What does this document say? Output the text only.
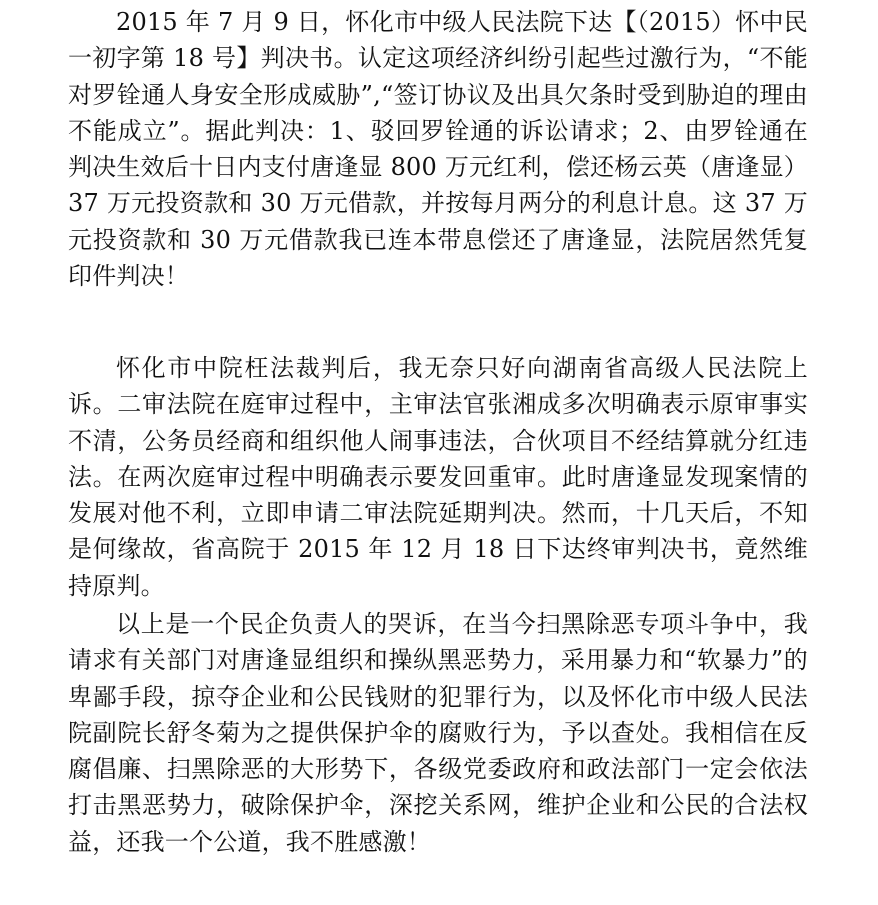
2015 年 7 月 9 日，怀化市中级人民法院下达【（2015）怀中民一初字第 18 号】判决书。认定这项经济纠纷引起些过激行为，“不能对罗铨通人身安全形成威胁”,“签订协议及出具欠条时受到胁迫的理由不能成立”。据此判决：1、驳回罗铨通的诉讼请求；2、由罗铨通在判决生效后十日内支付唐逢显 800 万元红利，偿还杨云英（唐逢显）37 万元投资款和 30 万元借款，并按每月两分的利息计息。这 37 万元投资款和 30 万元借款我已连本带息偿还了唐逢显，法院居然凭复印件判决！

怀化市中院枉法裁判后，我无奈只好向湖南省高级人民法院上诉。二审法院在庭审过程中，主审法官张湘成多次明确表示原审事实不清，公务员经商和组织他人闹事违法，合伙项目不经结算就分红违法。在两次庭审过程中明确表示要发回重审。此时唐逢显发现案情的发展对他不利，立即申请二审法院延期判决。然而，十几天后，不知是何缘故，省高院于 2015 年 12 月 18 日下达终审判决书，竟然维持原判。

以上是一个民企负责人的哭诉，在当今扫黑除恶专项斗争中，我请求有关部门对唐逢显组织和操纵黑恶势力，采用暴力和“软暴力”的卑鄙手段，掠夺企业和公民钱财的犯罪行为，以及怀化市中级人民法院副院长舒冬菊为之提供保护伞的腐败行为，予以查处。我相信在反腐倡廉、扫黑除恶的大形势下，各级党委政府和政法部门一定会依法打击黑恶势力，破除保护伞，深挖关系网，维护企业和公民的合法权益，还我一个公道，我不胜感激！
